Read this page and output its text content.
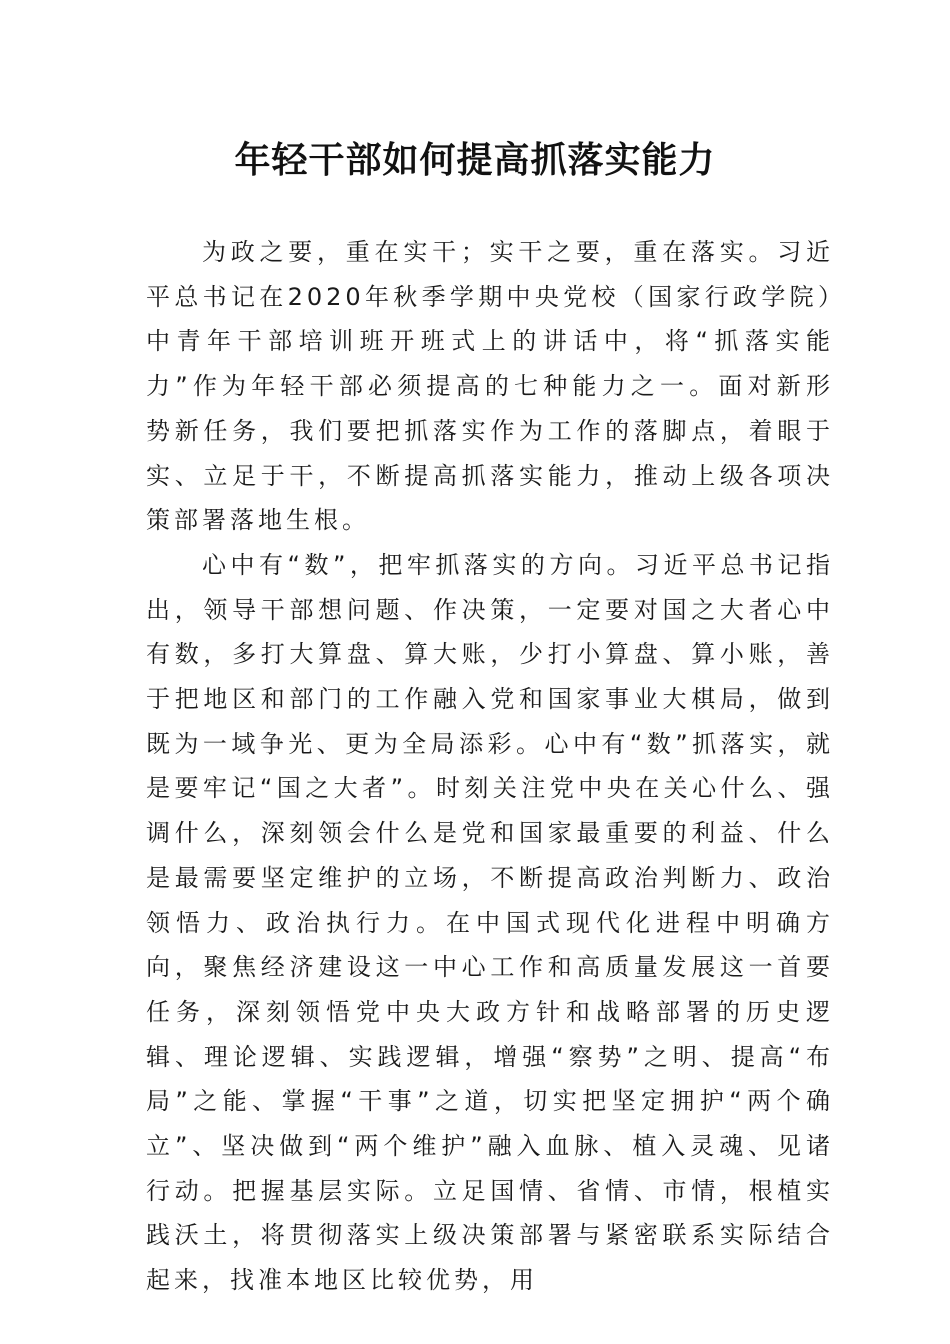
年轻干部如何提高抓落实能力

为政之要，重在实干；实干之要，重在落实。习近平总书记在2020年秋季学期中央党校（国家行政学院）中青年干部培训班开班式上的讲话中，将“抓落实能力”作为年轻干部必须提高的七种能力之一。面对新形势新任务，我们要把抓落实作为工作的落脚点，着眼于实、立足于干，不断提高抓落实能力，推动上级各项决策部署落地生根。

心中有“数”，把牢抓落实的方向。习近平总书记指出，领导干部想问题、作决策，一定要对国之大者心中有数，多打大算盘、算大账，少打小算盘、算小账，善于把地区和部门的工作融入党和国家事业大棋局，做到既为一域争光、更为全局添彩。心中有“数”抓落实，就是要牢记“国之大者”。时刻关注党中央在关心什么、强调什么，深刻领会什么是党和国家最重要的利益、什么是最需要坚定维护的立场，不断提高政治判断力、政治领悟力、政治执行力。在中国式现代化进程中明确方向，聚焦经济建设这一中心工作和高质量发展这一首要任务，深刻领悟党中央大政方针和战略部署的历史逻辑、理论逻辑、实践逻辑，增强“察势”之明、提高“布局”之能、掌握“干事”之道，切实把坚定拥护“两个确立”、坚决做到“两个维护”融入血脉、植入灵魂、见诸行动。把握基层实际。立足国情、省情、市情，根植实践沃土，将贯彻落实上级决策部署与紧密联系实际结合起来，找准本地区比较优势，用
